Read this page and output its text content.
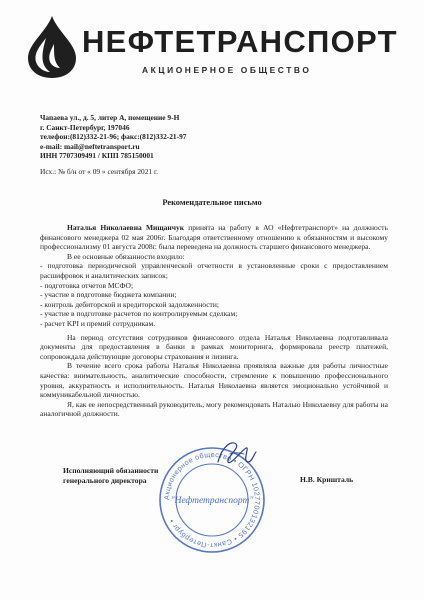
НЕФТЕТРАНСПОРТ
АКЦИОНЕРНОЕ ОБЩЕСТВО
Чапаева ул., д. 5, литер А, помещение 9-Н
г. Санкт-Петербург, 197046
телефон:(812)332-21-96; факс:(812)332-21-97
e-mail: mail@neftetransport.ru
ИНН 7707309491 / КПП 785150001
Исх.: № б/н от « 09 » сентября 2021 г.
Рекомендательное письмо
Наталья Николаевна Мищанчук принята на работу в АО «Нефтетранспорт» на должность финансового менеджера 02 мая 2006г. Благодаря ответственному отношению к обязанностям и высокому профессионализму 01 августа 2008г. была переведена на должность старшего финансового менеджера.
В ее основные обязанности входило:
- подготовка периодической управленческой отчетности в установленные сроки с предоставлением расшифровок и аналитических записок;
- подготовка отчетов МСФО;
- участие в подготовке бюджета компании;
- контроль дебиторской и кредиторской задолженности;
- участие в подготовке расчетов по контролируемым сделкам;
- расчет KPI и премий сотрудникам.
На период отсутствия сотрудников финансового отдела Наталья Николаевна подготавливала документы для предоставления в банки в рамках мониторинга, формировала реестр платежей, сопровождала действующие договоры страхования и лизинга.
В течение всего срока работы Наталья Николаевна проявляла важные для работы личностные качества: внимательность, аналитические способности, стремление к повышению профессионального уровня, аккуратность и исполнительность. Наталья Николаевна является эмоционально устойчивой и коммуникабельной личностью.
Я, как ее непосредственный руководитель, могу рекомендовать Наталью Николаевну для работы на аналогичной должности.
Исполняющий обязанности
генерального директора	Н.В. Кришталь
Акционерное общество • ОГРН 1027700132195 • Санкт-Петербург •
"Нефтетранспорт"
